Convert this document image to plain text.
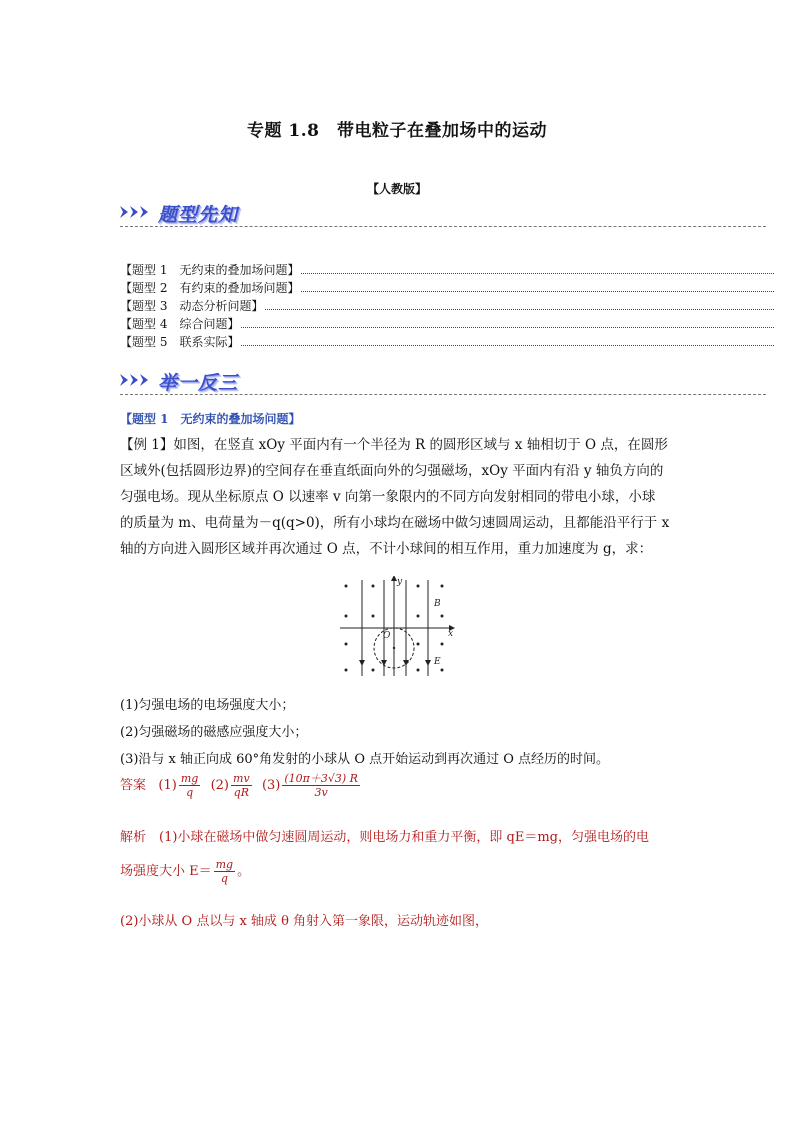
专题 1.8　带电粒子在叠加场中的运动
【人教版】
题型先知
【题型 1　无约束的叠加场问题】
【题型 2　有约束的叠加场问题】
【题型 3　动态分析问题】
【题型 4　综合问题】
【题型 5　联系实际】
举一反三
【题型 1　无约束的叠加场问题】
【例 1】如图，在竖直 xOy 平面内有一个半径为 R 的圆形区域与 x 轴相切于 O 点，在圆形
区域外(包括圆形边界)的空间存在垂直纸面向外的匀强磁场，xOy 平面内有沿 y 轴负方向的
匀强电场。现从坐标原点 O 以速率 v 向第一象限内的不同方向发射相同的带电小球，小球
的质量为 m、电荷量为－q(q>0)，所有小球均在磁场中做匀速圆周运动，且都能沿平行于 x
轴的方向进入圆形区域并再次通过 O 点，不计小球间的相互作用，重力加速度为 g，求：
y
x
B
E
O
(1)匀强电场的电场强度大小；
(2)匀强磁场的磁感应强度大小；
(3)沿与 x 轴正向成 60°角发射的小球从 O 点开始运动到再次通过 O 点经历的时间。
答案 $(1) \frac{mg}{q} (2) \frac{mv}{qR} (3) \frac{(10\pi+3√3) R}{3v}$
解析　(1)小球在磁场中做匀速圆周运动，则电场力和重力平衡，即 qE＝mg，匀强电场的电
场强度大小 $E= \frac{mg}{q}$ 。
(2)小球从 O 点以与 x 轴成 θ 角射入第一象限，运动轨迹如图，
